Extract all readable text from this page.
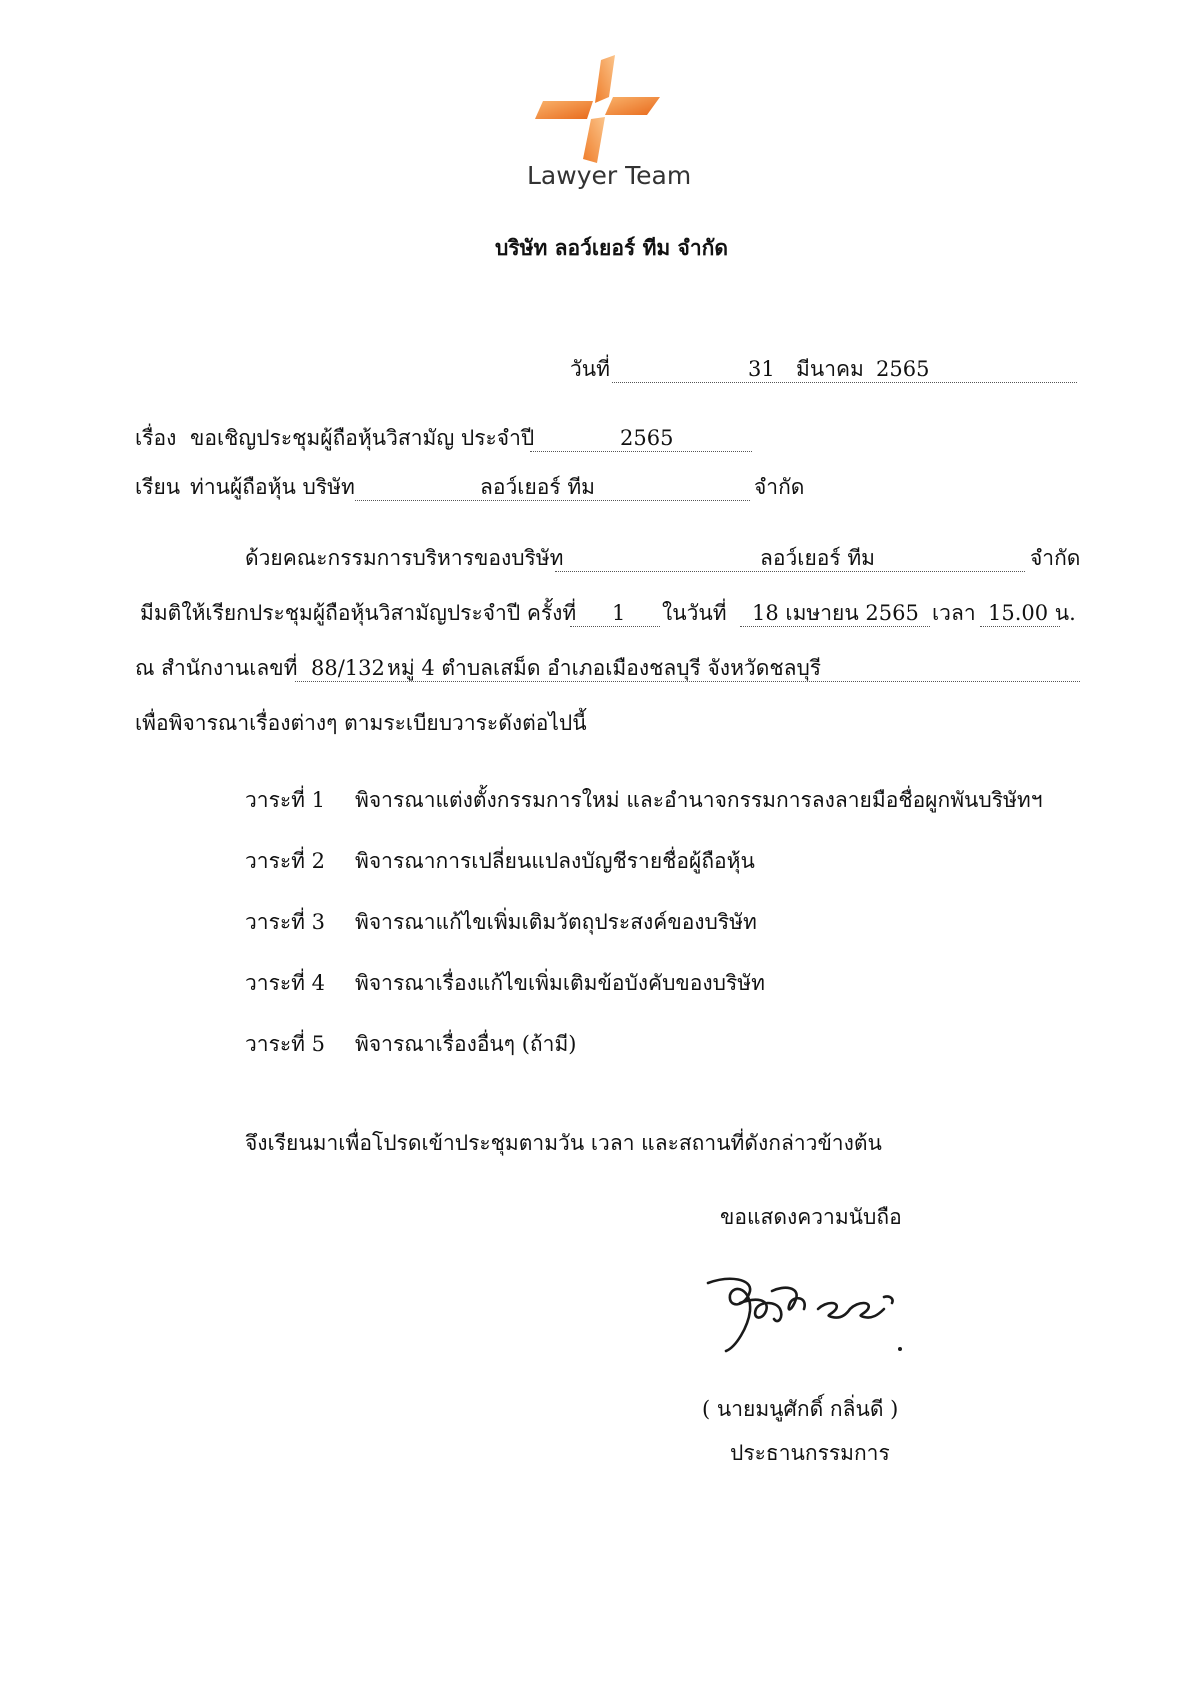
Lawyer Team
บริษัท ลอว์เยอร์ ทีม จำกัด
วันที่	31 มีนาคม 2565
เรื่อง ขอเชิญประชุมผู้ถือหุ้นวิสามัญ ประจำปี	2565
เรียน ท่านผู้ถือหุ้น บริษัท	ลอว์เยอร์ ทีม	จำกัด
ด้วยคณะกรรมการบริหารของบริษัท	ลอว์เยอร์ ทีม	จำกัด
มีมติให้เรียกประชุมผู้ถือหุ้นวิสามัญประจำปี ครั้งที่ 1 ในวันที่ 18 เมษายน 2565 เวลา 15.00 น.
ณ สำนักงานเลขที่ 88/132 หมู่ 4 ตำบลเสม็ด อำเภอเมืองชลบุรี จังหวัดชลบุรี
เพื่อพิจารณาเรื่องต่างๆ ตามระเบียบวาระดังต่อไปนี้
วาระที่ 1 พิจารณาแต่งตั้งกรรมการใหม่ และอำนาจกรรมการลงลายมือชื่อผูกพันบริษัทฯ
วาระที่ 2 พิจารณาการเปลี่ยนแปลงบัญชีรายชื่อผู้ถือหุ้น
วาระที่ 3 พิจารณาแก้ไขเพิ่มเติมวัตถุประสงค์ของบริษัท
วาระที่ 4 พิจารณาเรื่องแก้ไขเพิ่มเติมข้อบังคับของบริษัท
วาระที่ 5 พิจารณาเรื่องอื่นๆ (ถ้ามี)
จึงเรียนมาเพื่อโปรดเข้าประชุมตามวัน เวลา และสถานที่ดังกล่าวข้างต้น
ขอแสดงความนับถือ
( นายมนูศักดิ์ กลิ่นดี )
ประธานกรรมการ
